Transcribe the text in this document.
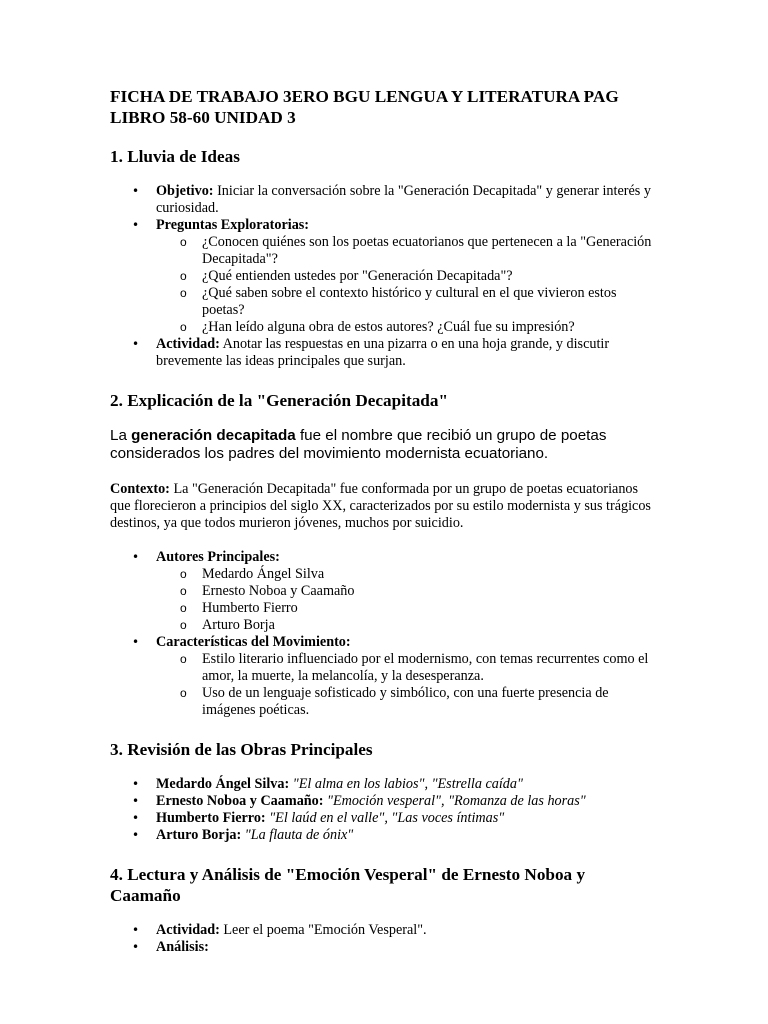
FICHA DE TRABAJO 3ERO BGU LENGUA Y LITERATURA PAG LIBRO 58-60 UNIDAD 3
1. Lluvia de Ideas
• Objetivo: Iniciar la conversación sobre la "Generación Decapitada" y generar interés y curiosidad.
• Preguntas Exploratorias:
o ¿Conocen quiénes son los poetas ecuatorianos que pertenecen a la "Generación Decapitada"?
o ¿Qué entienden ustedes por "Generación Decapitada"?
o ¿Qué saben sobre el contexto histórico y cultural en el que vivieron estos poetas?
o ¿Han leído alguna obra de estos autores? ¿Cuál fue su impresión?
• Actividad: Anotar las respuestas en una pizarra o en una hoja grande, y discutir brevemente las ideas principales que surjan.
2. Explicación de la "Generación Decapitada"

La generación decapitada fue el nombre que recibió un grupo de poetas considerados los padres del movimiento modernista ecuatoriano.

Contexto: La "Generación Decapitada" fue conformada por un grupo de poetas ecuatorianos que florecieron a principios del siglo XX, caracterizados por su estilo modernista y sus trágicos destinos, ya que todos murieron jóvenes, muchos por suicidio.

• Autores Principales:
o Medardo Ángel Silva
o Ernesto Noboa y Caamaño
o Humberto Fierro
o Arturo Borja
• Características del Movimiento:
o Estilo literario influenciado por el modernismo, con temas recurrentes como el amor, la muerte, la melancolía, y la desesperanza.
o Uso de un lenguaje sofisticado y simbólico, con una fuerte presencia de imágenes poéticas.
3. Revisión de las Obras Principales
• Medardo Ángel Silva: "El alma en los labios", "Estrella caída"
• Ernesto Noboa y Caamaño: "Emoción vesperal", "Romanza de las horas"
• Humberto Fierro: "El laúd en el valle", "Las voces íntimas"
• Arturo Borja: "La flauta de ónix"
4. Lectura y Análisis de "Emoción Vesperal" de Ernesto Noboa y Caamaño
• Actividad: Leer el poema "Emoción Vesperal".
• Análisis:
